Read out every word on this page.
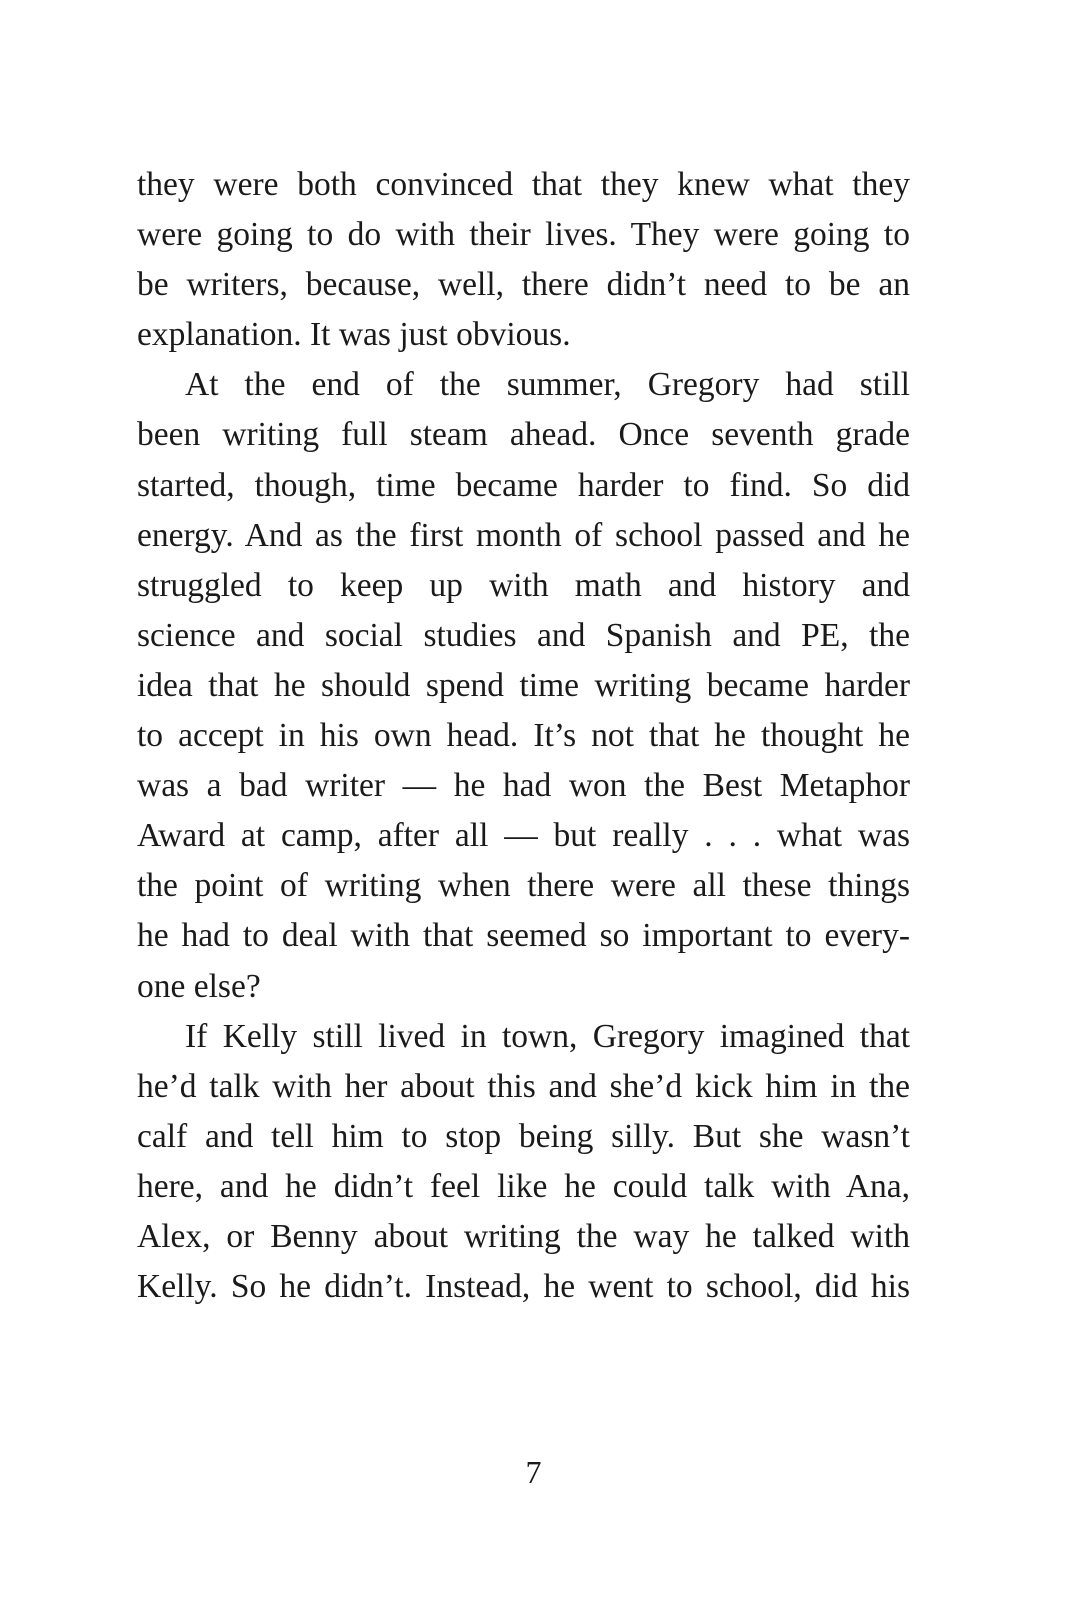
they were both convinced that they knew what they
were going to do with their lives. They were going to
be writers, because, well, there didn’t need to be an
explanation. It was just obvious.
At the end of the summer, Gregory had still
been writing full steam ahead. Once seventh grade
started, though, time became harder to find. So did
energy. And as the first month of school passed and he
struggled to keep up with math and history and
science and social studies and Spanish and PE, the
idea that he should spend time writing became harder
to accept in his own head. It’s not that he thought he
was a bad writer — he had won the Best Metaphor
Award at camp, after all — but really . . . what was
the point of writing when there were all these things
he had to deal with that seemed so important to every-
one else?
If Kelly still lived in town, Gregory imagined that
he’d talk with her about this and she’d kick him in the
calf and tell him to stop being silly. But she wasn’t
here, and he didn’t feel like he could talk with Ana,
Alex, or Benny about writing the way he talked with
Kelly. So he didn’t. Instead, he went to school, did his
7
